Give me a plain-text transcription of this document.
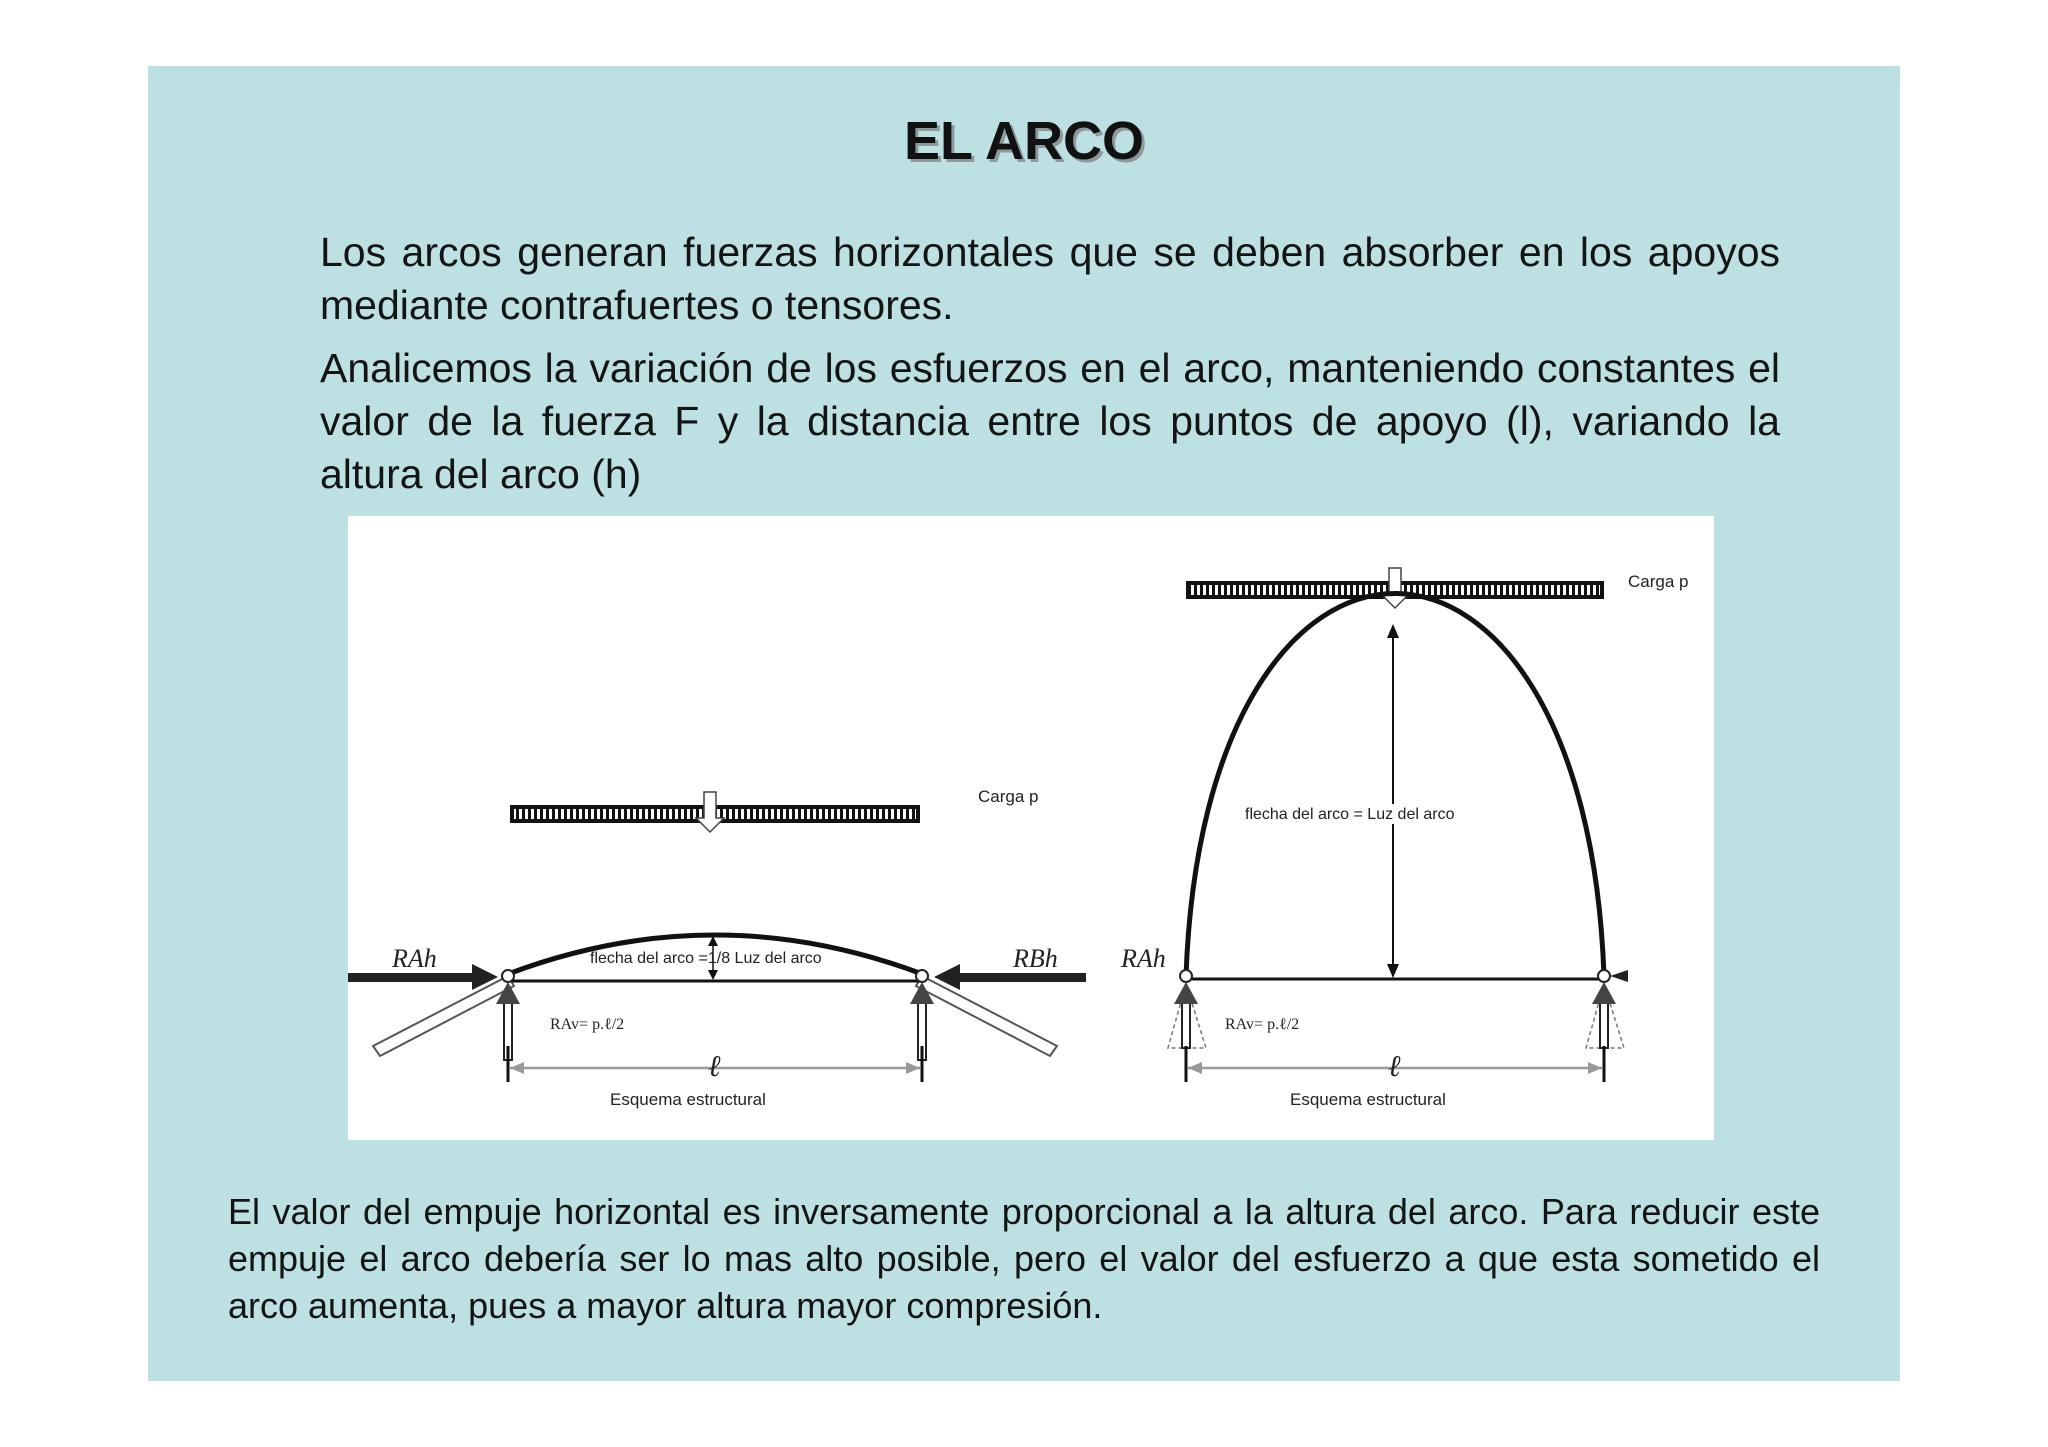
EL ARCO
Los arcos generan fuerzas horizontales que se deben absorber en los apoyos mediante contrafuertes o tensores.
Analicemos la variación de los esfuerzos en el arco, manteniendo constantes el valor de la fuerza F y la distancia entre los puntos de apoyo (l), variando la altura del arco (h)
Carga p
flecha del arco =1/8 Luz del arco
RAh	RBh
RAv= p.ℓ/2
ℓ
Esquema estructural
Carga p
flecha del arco = Luz del arco
RAh
RAv= p.ℓ/2
ℓ
Esquema estructural
El valor del empuje horizontal es inversamente proporcional a la altura del arco. Para reducir este empuje el arco debería ser lo mas alto posible, pero el valor del esfuerzo a que esta sometido el arco aumenta, pues a mayor altura mayor compresión.
